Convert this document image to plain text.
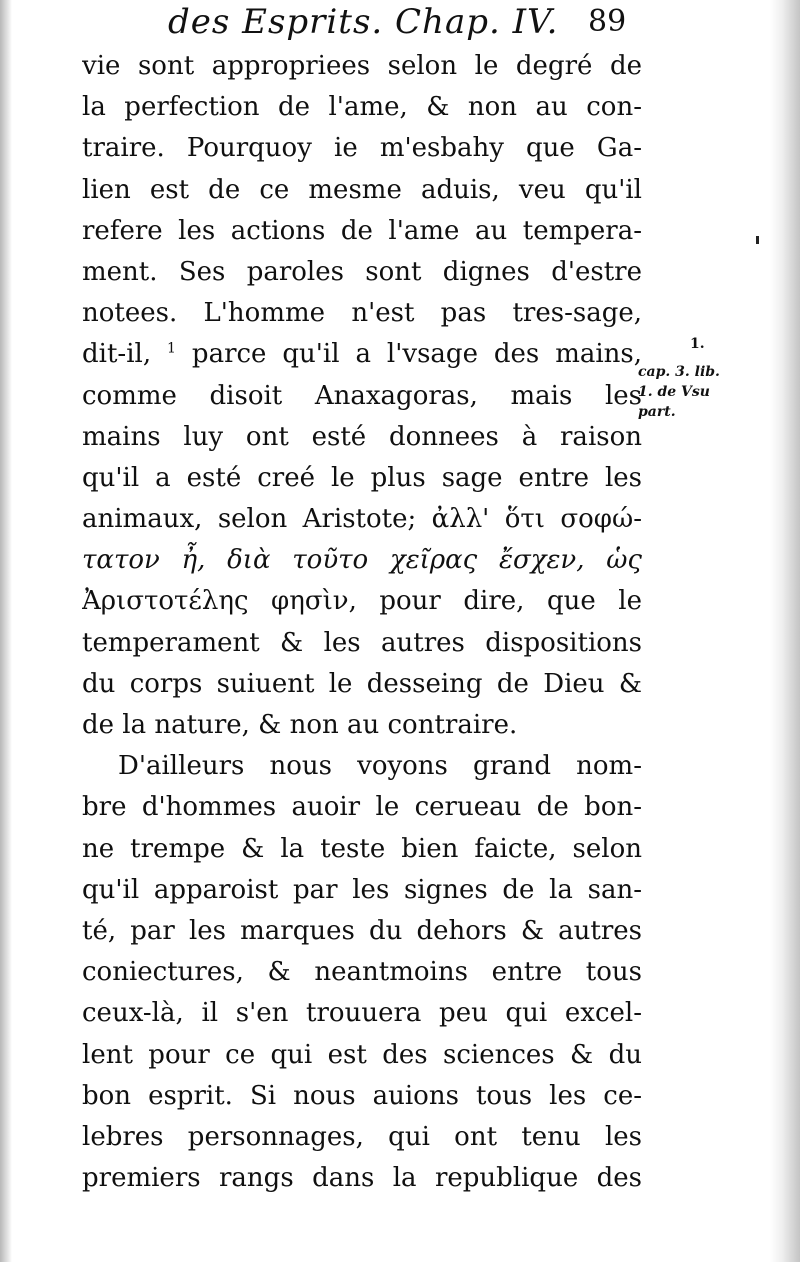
des Esprits. Chap. IV. 89
vie sont appropriees selon le degré de
la perfection de l'ame, & non au con-
traire. Pourquoy ie m'esbahy que Ga-
lien est de ce mesme aduis, veu qu'il
refere les actions de l'ame au tempera-
ment. Ses paroles sont dignes d'estre
notees. L'homme n'est pas tres-sage,
dit-il, $^1$ parce qu'il a l'vsage des mains,
comme disoit Anaxagoras, mais les
mains luy ont esté donnees à raison
qu'il a esté creé le plus sage entre les
animaux, selon Aristote; ἀλλ' ὅτι σοφώ-
τατον ἦ, διὰ τοῦτο χεῖρας ἔσχεν, ὡς
Ἀριστοτέλης φησὶν, pour dire, que le
temperament & les autres dispositions
du corps suiuent le desseing de Dieu &
de la nature, & non au contraire.
D'ailleurs nous voyons grand nom-
bre d'hommes auoir le cerueau de bon-
ne trempe & la teste bien faicte, selon
qu'il apparoist par les signes de la san-
té, par les marques du dehors & autres
coniectures, & neantmoins entre tous
ceux-là, il s'en trouuera peu qui excel-
lent pour ce qui est des sciences & du
bon esprit. Si nous auions tous les ce-
lebres personnages, qui ont tenu les
premiers rangs dans la republique des
1.
cap. 3. lib.
1. de Vsu
part.
